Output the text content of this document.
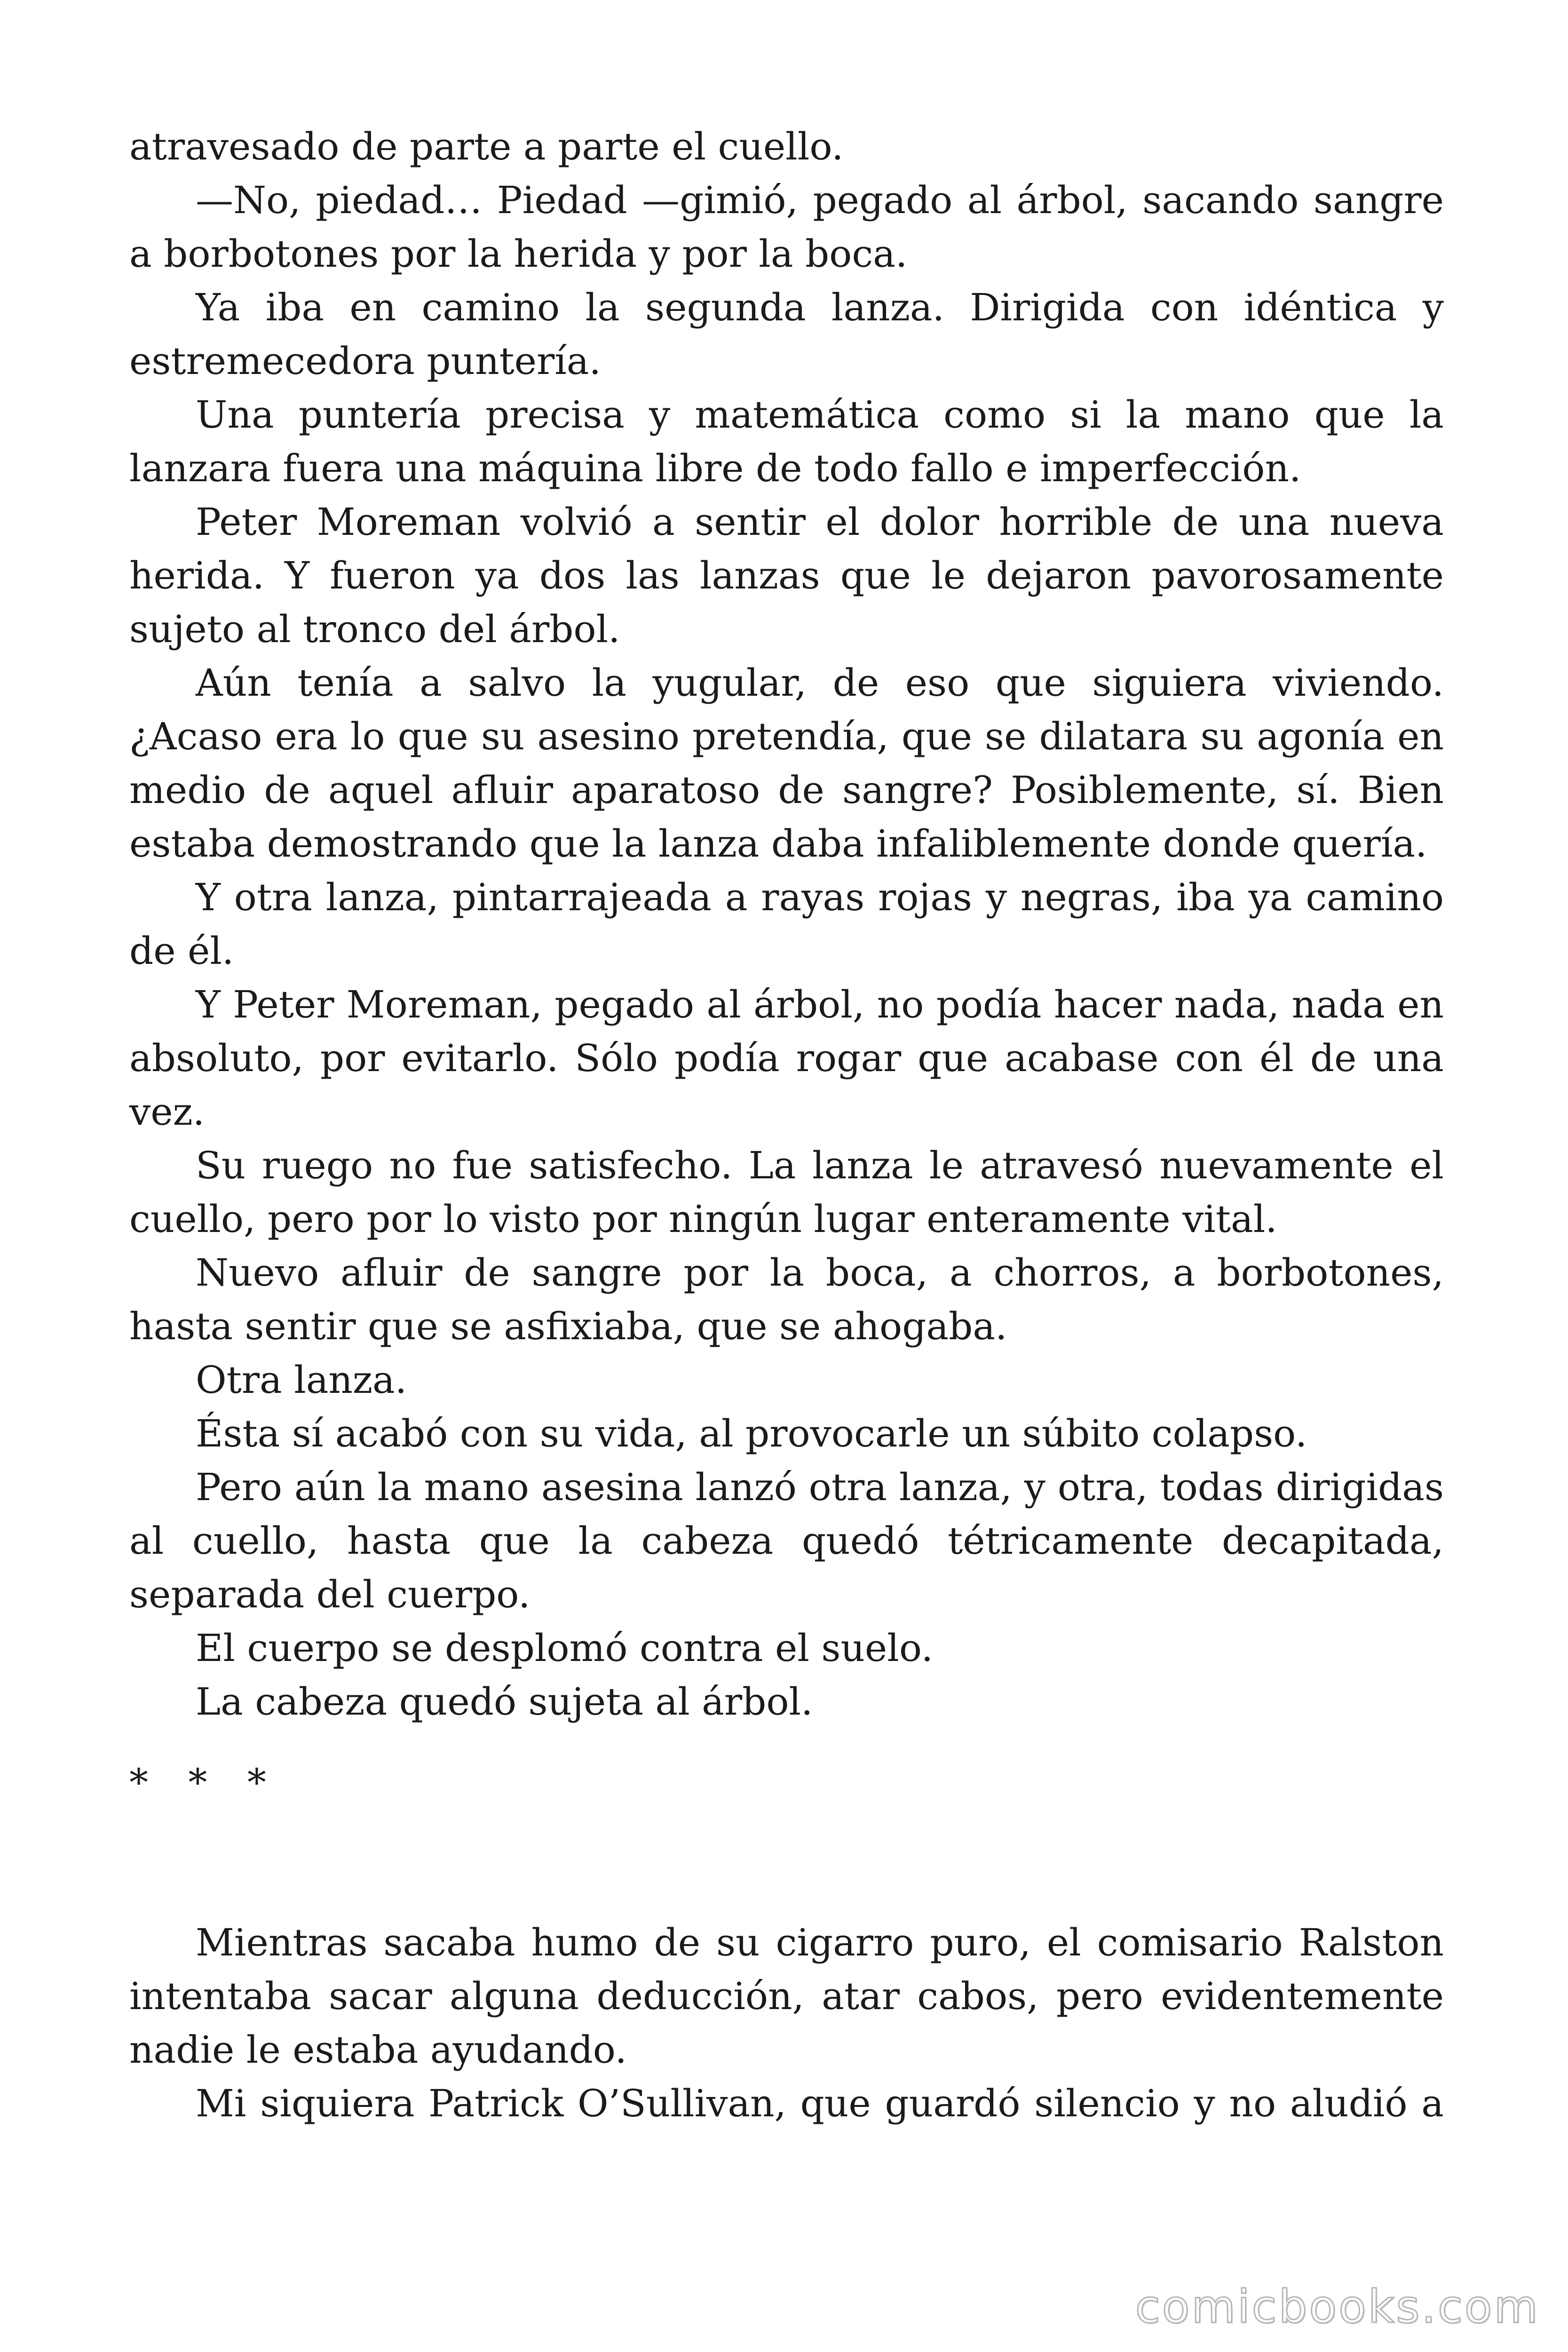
atravesado de parte a parte el cuello.

—No, piedad… Piedad —gimió, pegado al árbol, sacando sangre a borbotones por la herida y por la boca.

Ya iba en camino la segunda lanza. Dirigida con idéntica y estremecedora puntería.

Una puntería precisa y matemática como si la mano que la lanzara fuera una máquina libre de todo fallo e imperfección.

Peter Moreman volvió a sentir el dolor horrible de una nueva herida. Y fueron ya dos las lanzas que le dejaron pavorosamente sujeto al tronco del árbol.

Aún tenía a salvo la yugular, de eso que siguiera viviendo. ¿Acaso era lo que su asesino pretendía, que se dilatara su agonía en medio de aquel afluir aparatoso de sangre? Posiblemente, sí. Bien estaba demostrando que la lanza daba infaliblemente donde quería.

Y otra lanza, pintarrajeada a rayas rojas y negras, iba ya camino de él.

Y Peter Moreman, pegado al árbol, no podía hacer nada, nada en absoluto, por evitarlo. Sólo podía rogar que acabase con él de una vez.

Su ruego no fue satisfecho. La lanza le atravesó nuevamente el cuello, pero por lo visto por ningún lugar enteramente vital.

Nuevo afluir de sangre por la boca, a chorros, a borbotones, hasta sentir que se asfixiaba, que se ahogaba.

Otra lanza.

Ésta sí acabó con su vida, al provocarle un súbito colapso.

Pero aún la mano asesina lanzó otra lanza, y otra, todas dirigidas al cuello, hasta que la cabeza quedó tétricamente decapitada, separada del cuerpo.

El cuerpo se desplomó contra el suelo.

La cabeza quedó sujeta al árbol.

* * *

Mientras sacaba humo de su cigarro puro, el comisario Ralston intentaba sacar alguna deducción, atar cabos, pero evidentemente nadie le estaba ayudando.

Mi siquiera Patrick O’Sullivan, que guardó silencio y no aludió a

comicbooks.com
